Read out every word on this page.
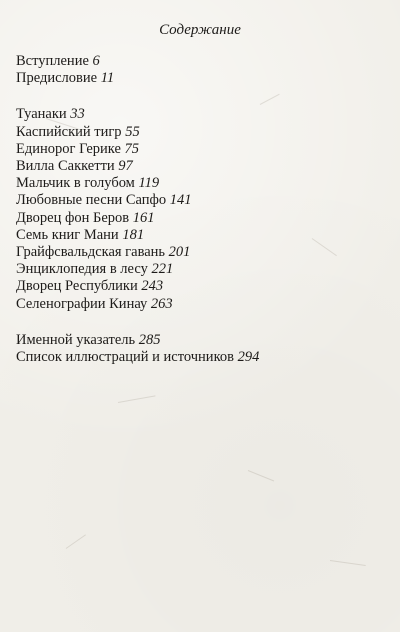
Содержание
Вступление 6
Предисловие 11
Туанаки 33
Каспийский тигр 55
Единорог Герике 75
Вилла Саккетти 97
Мальчик в голубом 119
Любовные песни Сапфо 141
Дворец фон Беров 161
Семь книг Мани 181
Грайфсвальдская гавань 201
Энциклопедия в лесу 221
Дворец Республики 243
Селенографии Кинау 263
Именной указатель 285
Список иллюстраций и источников 294
